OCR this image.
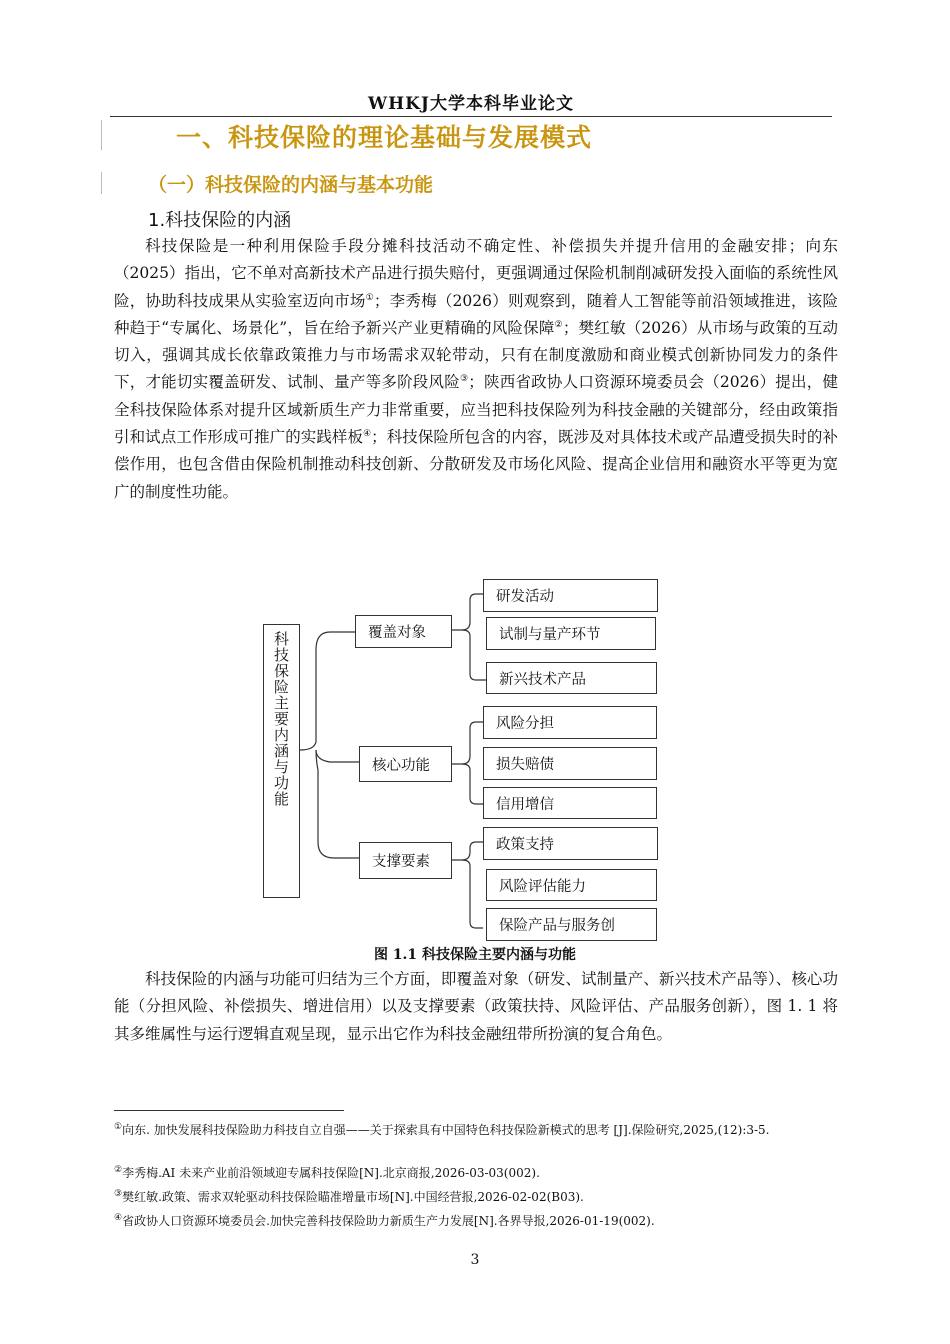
WHKJ大学本科毕业论文
一、科技保险的理论基础与发展模式
（一）科技保险的内涵与基本功能
1.科技保险的内涵

科技保险是一种利用保险手段分摊科技活动不确定性、补偿损失并提升信用的金融安排；向东（2025）指出，它不单对高新技术产品进行损失赔付，更强调通过保险机制削减研发投入面临的系统性风险，协助科技成果从实验室迈向市场①；李秀梅（2026）则观察到，随着人工智能等前沿领域推进，该险种趋于“专属化、场景化”，旨在给予新兴产业更精确的风险保障②；樊红敏（2026）从市场与政策的互动切入，强调其成长依靠政策推力与市场需求双轮带动，只有在制度激励和商业模式创新协同发力的条件下，才能切实覆盖研发、试制、量产等多阶段风险③；陕西省政协人口资源环境委员会（2026）提出，健全科技保险体系对提升区域新质生产力非常重要，应当把科技保险列为科技金融的关键部分，经由政策指引和试点工作形成可推广的实践样板④；科技保险所包含的内容，既涉及对具体技术或产品遭受损失时的补偿作用，也包含借由保险机制推动科技创新、分散研发及市场化风险、提高企业信用和融资水平等更为宽广的制度性功能。

科技保险主要内涵与功能	覆盖对象
核心功能
支撑要素
研发活动
试制与量产环节
新兴技术产品
风险分担
损失赔债
信用增信
政策支持
风险评估能力
保险产品与服务创
图 1.1 科技保险主要内涵与功能

科技保险的内涵与功能可归结为三个方面，即覆盖对象（研发、试制量产、新兴技术产品等）、核心功能（分担风险、补偿损失、增进信用）以及支撑要素（政策扶持、风险评估、产品服务创新），图 1. 1 将其多维属性与运行逻辑直观呈现，显示出它作为科技金融纽带所扮演的复合角色。

①向东. 加快发展科技保险助力科技自立自强——关于探索具有中国特色科技保险新模式的思考 [J].保险研究,2025,(12):3-5.

②李秀梅.AI 未来产业前沿领域迎专属科技保险[N].北京商报,2026-03-03(002).

③樊红敏.政策、需求双轮驱动科技保险瞄准增量市场[N].中国经营报,2026-02-02(B03).

④省政协人口资源环境委员会.加快完善科技保险助力新质生产力发展[N].各界导报,2026-01-19(002).

3
